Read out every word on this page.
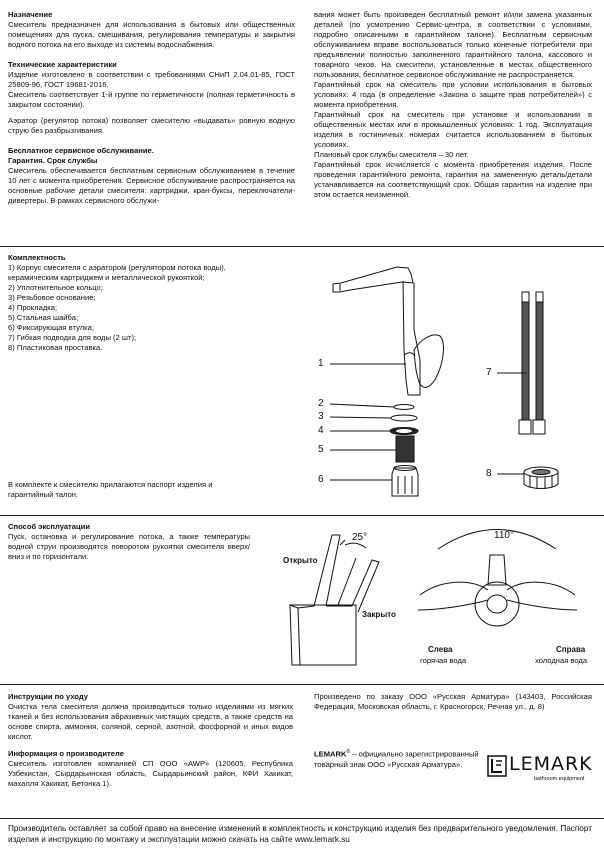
Назначение
Смеситель предназначен для использования в бытовых или общественных помещениях для пуска, смешивания, регулирования температуры и закрытия водного потока на его выходе из системы водоснабжения.
Технические характеристики
Изделие изготовлено в соответствии с требованиями СНиП 2.04.01-85, ГОСТ 25809-96, ГОСТ 19681-2016.
Смеситель соответствует 1-й группе по герметичности (полная герметичность в закрытом состоянии).
Аэратор (регулятор потока) позволяет смесителю «выдавать» ровную водную струю без разбрызгивания.
Бесплатное сервисное обслуживание.
Гарантия. Срок службы
Смеситель обеспечивается бесплатным сервисным обслуживанием в течение 10 лет с момента приобретения. Сервисное обслуживание распространяется на основные рабочие детали смесителя: картриджи, кран-буксы, переключатели-дивертеры. В рамках сервисного обслужи-
вания может быть произведен бесплатный ремонт и/или замена указанных деталей (по усмотрению Сервис-центра, в соответствии с условиями, подробно описанными в гарантийном талоне). Бесплатным сервисным обслуживанием вправе воспользоваться только конечные потребители при предъявлении полностью заполненного гарантийного талона, кассового и товарного чеков. На смесители, установленные в местах общественного пользования, бесплатное сервисное обслуживание не распространяется.
Гарантийный срок на смеситель при условии использования в бытовых условиях: 4 года (в определение «Закона о защите прав потребителей») с момента приобретения.
Гарантийный срок на смеситель при установке и использовании в общественных местах или в промышленных условиях: 1 год. Эксплуатация изделия в гостиничных номерах считается использованием в бытовых условиях.
Плановый срок службы смесителя – 30 лет.
Гарантийный срок исчисляется с момента приобретения изделия. После проведения гарантийного ремонта, гарантия на замененную деталь/детали устанавливается на соответствующий срок. Общая гарантия на изделие при этом остается неизменной.
Комплектность
1) Корпус смесителя с аэратором (регулятором потока воды),
керамическим картриджем и металлической рукояткой;
2) Уплотнительное кольцо;
3) Резьбовое основание;
4) Прокладка;
5) Стальная шайба;
6) Фиксирующая втулка;
7) Гибкая подводка для воды (2 шт);
8) Пластиковая проставка.
В комплекте к смесителю прилагаются паспорт изделия и гарантийный талон.
1
2
3
4
5
6
7
8
Способ эксплуатации
Пуск, остановка и регулирование потока, а также температуры водной струи производятся поворотом рукоятки смесителя вверх/вниз и по горизонтали.
25°
Открыто
Закрыто
110°
Слева
горячая вода
Справа
холодная вода
Инструкции по уходу
Очистка тела смесителя должна производиться только изделиями из мягких тканей и без использования абразивных чистящих средств, а также средств на основе спирта, аммония, соляной, серной, азотной, фосфорной и иных видов кислот.
Информация о производителе
Смеситель изготовлен компанией СП ООО «AWP» (120605, Республика Узбекистан, Сырдарьинская область, Сырдарьинский район, КФИ Хакикат, махалля Хакикат, Бетонка 1).
Произведено по заказу ООО «Русская Арматура» (143403, Российская Федерация, Московская область, г. Красногорск, Речная ул., д. 8)
LEMARK® – официально зарегистрированный товарный знак ООО «Русская Арматура».	LEMARK
bathroom equipment
Производитель оставляет за собой право на внесение изменений в комплектность и конструкцию изделия без предварительного уведомления. Паспорт изделия и инструкцию по монтажу и эксплуатации можно скачать на сайте www.lemark.su
